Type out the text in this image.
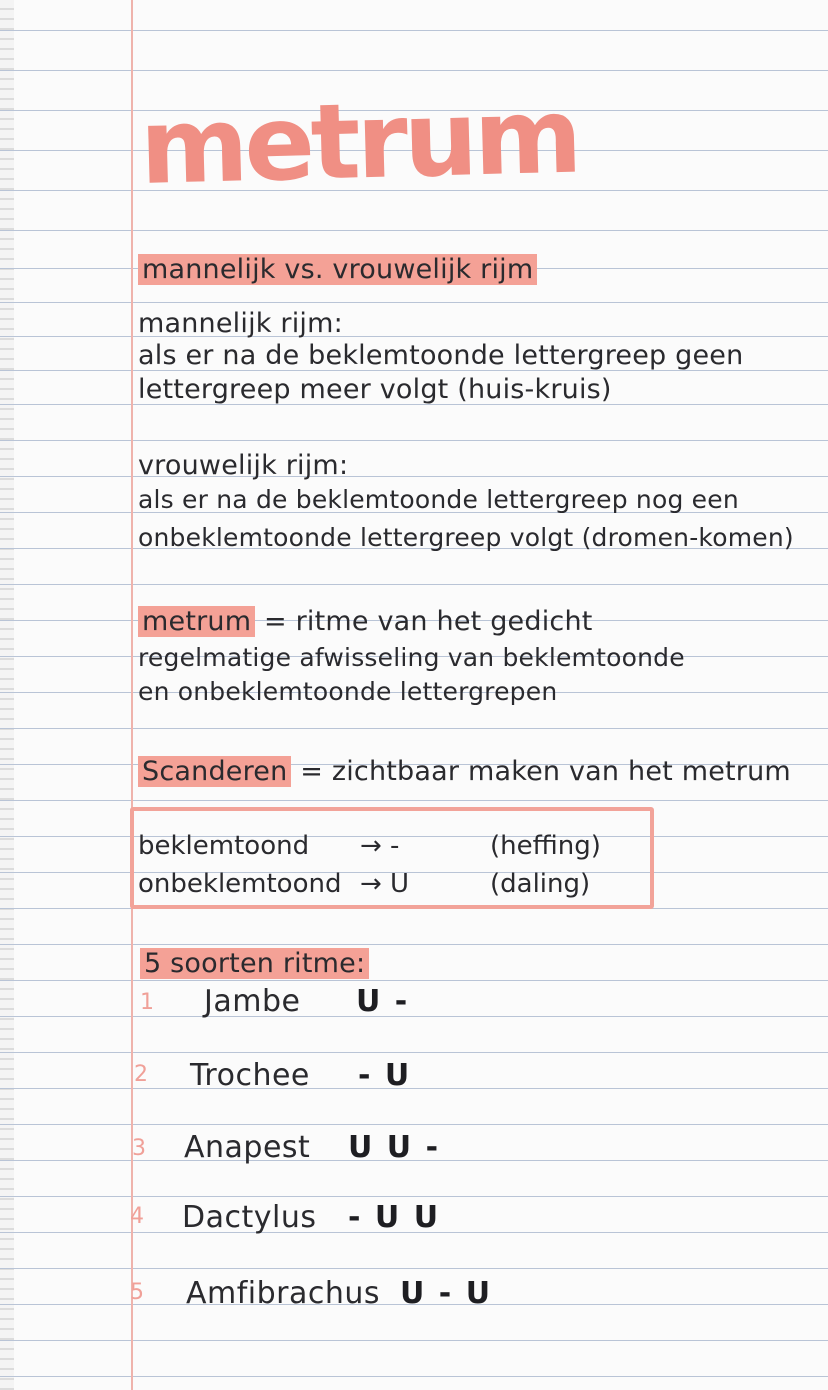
metrum
mannelijk vs. vrouwelijk rijm
mannelijk rijm:
als er na de beklemtoonde lettergreep geen
lettergreep meer volgt (huis-kruis)
vrouwelijk rijm:
als er na de beklemtoonde lettergreep nog een
onbeklemtoonde lettergreep volgt (dromen-komen)
metrum = ritme van het gedicht
regelmatige afwisseling van beklemtoonde
en onbeklemtoonde lettergrepen
Scanderen = zichtbaar maken van het metrum
beklemtoond → -	(heffing)
onbeklemtoond → U	(daling)
5 soorten ritme:
1 Jambe U -
2 Trochee - U
3 Anapest U U -
4 Dactylus - U U
5 Amfibrachus U - U
